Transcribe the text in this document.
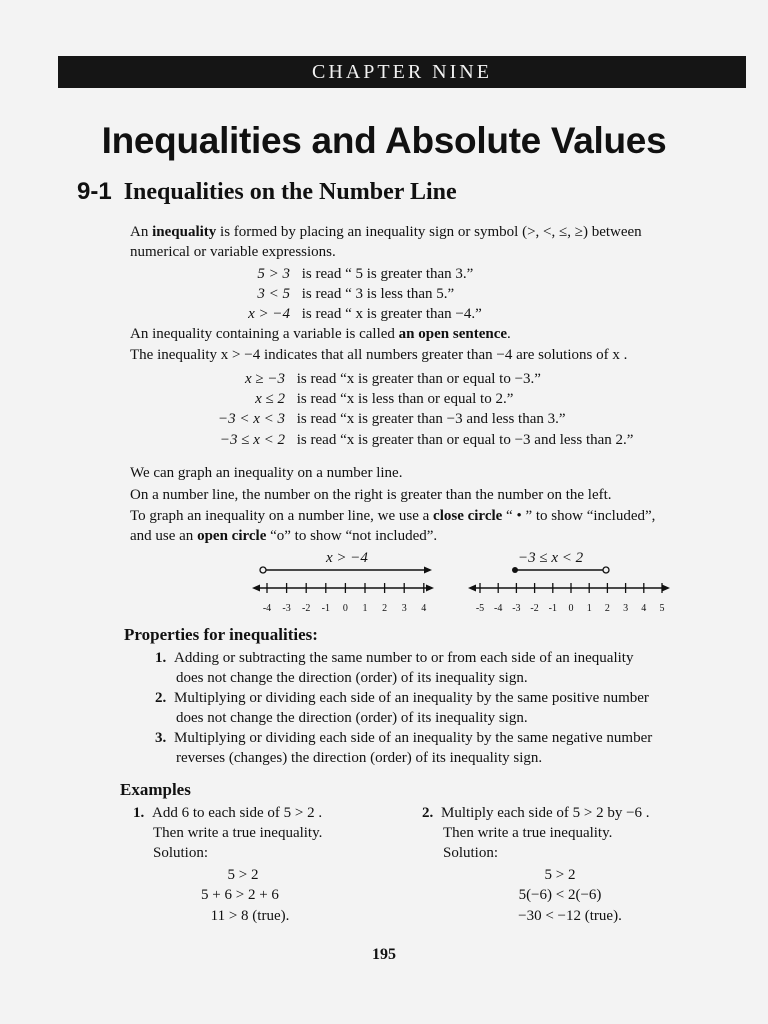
CHAPTER NINE
Inequalities and Absolute Values
9-1 Inequalities on the Number Line
An inequality is formed by placing an inequality sign or symbol (>, <, ≤, ≥) between
numerical or variable expressions.
5 > 3 is read “ 5 is greater than 3.”
3 < 5 is read “ 3 is less than 5.”
x > −4 is read “ x is greater than −4.”
An inequality containing a variable is called an open sentence.
The inequality x > −4 indicates that all numbers greater than −4 are solutions of x .
x ≥ −3 is read “x is greater than or equal to −3.”
x ≤ 2 is read “x is less than or equal to 2.”
−3 < x < 3 is read “x is greater than −3 and less than 3.”
−3 ≤ x < 2 is read “x is greater than or equal to −3 and less than 2.”
We can graph an inequality on a number line.
On a number line, the number on the right is greater than the number on the left.
To graph an inequality on a number line, we use a close circle “ • ” to show “included”,
and use an open circle “o” to show “not included”.
x > −4
-4 -3 -2 -1 0 1 2 3 4
−3 ≤ x < 2
-5 -4 -3 -2 -1 0 1 2 3 4 5
Properties for inequalities:
1. Adding or subtracting the same number to or from each side of an inequality
does not change the direction (order) of its inequality sign.
2. Multiplying or dividing each side of an inequality by the same positive number
does not change the direction (order) of its inequality sign.
3. Multiplying or dividing each side of an inequality by the same negative number
reverses (changes) the direction (order) of its inequality sign.
Examples
1. Add 6 to each side of 5 > 2 .
Then write a true inequality.
Solution:
5 > 2
5 + 6 > 2 + 6
11 > 8 (true).
2. Multiply each side of 5 > 2 by −6 .
Then write a true inequality.
Solution:
5 > 2
5(−6) < 2(−6)
−30 < −12 (true).
195
